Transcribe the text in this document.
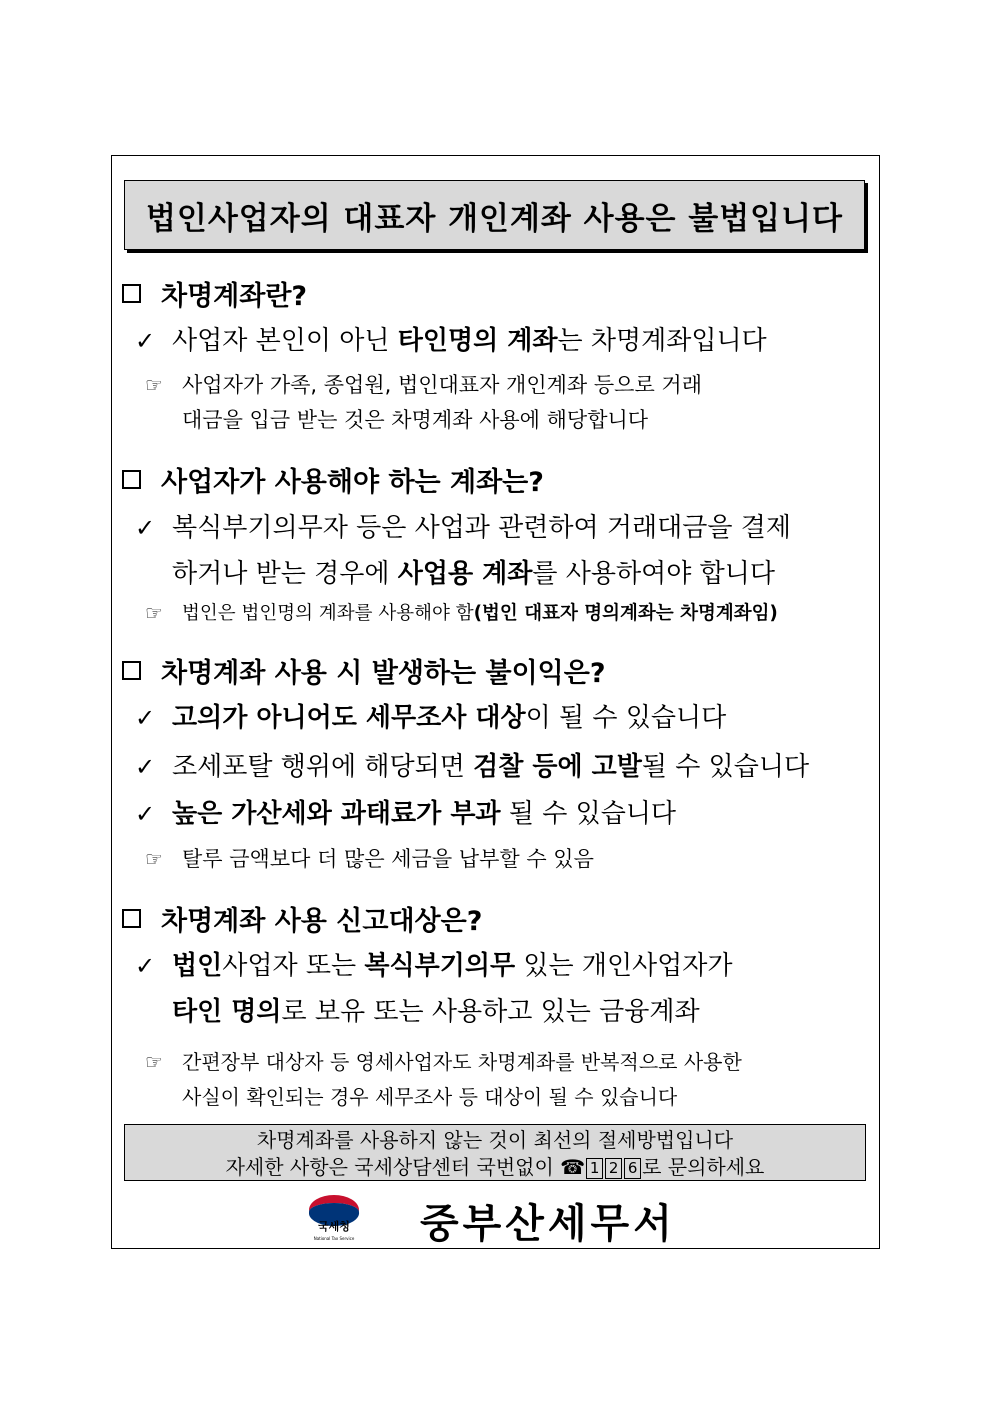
법인사업자의 대표자 개인계좌 사용은 불법입니다
차명계좌란?
✓ 사업자 본인이 아닌 타인명의 계좌는 차명계좌입니다
☞ 사업자가 가족, 종업원, 법인대표자 개인계좌 등으로 거래
대금을 입금 받는 것은 차명계좌 사용에 해당합니다
사업자가 사용해야 하는 계좌는?
✓ 복식부기의무자 등은 사업과 관련하여 거래대금을 결제
하거나 받는 경우에 사업용 계좌를 사용하여야 합니다
☞ 법인은 법인명의 계좌를 사용해야 함(법인 대표자 명의계좌는 차명계좌임)
차명계좌 사용 시 발생하는 불이익은?
✓ 고의가 아니어도 세무조사 대상이 될 수 있습니다
✓ 조세포탈 행위에 해당되면 검찰 등에 고발될 수 있습니다
✓ 높은 가산세와 과태료가 부과 될 수 있습니다
☞ 탈루 금액보다 더 많은 세금을 납부할 수 있음
차명계좌 사용 신고대상은?
✓ 법인사업자 또는 복식부기의무 있는 개인사업자가
타인 명의로 보유 또는 사용하고 있는 금융계좌
☞ 간편장부 대상자 등 영세사업자도 차명계좌를 반복적으로 사용한
사실이 확인되는 경우 세무조사 등 대상이 될 수 있습니다
차명계좌를 사용하지 않는 것이 최선의 절세방법입니다
자세한 사항은 국세상담센터 국번없이 ☎ 1 2 6 로 문의하세요
국세청
National Tax Service 중부산세무서
